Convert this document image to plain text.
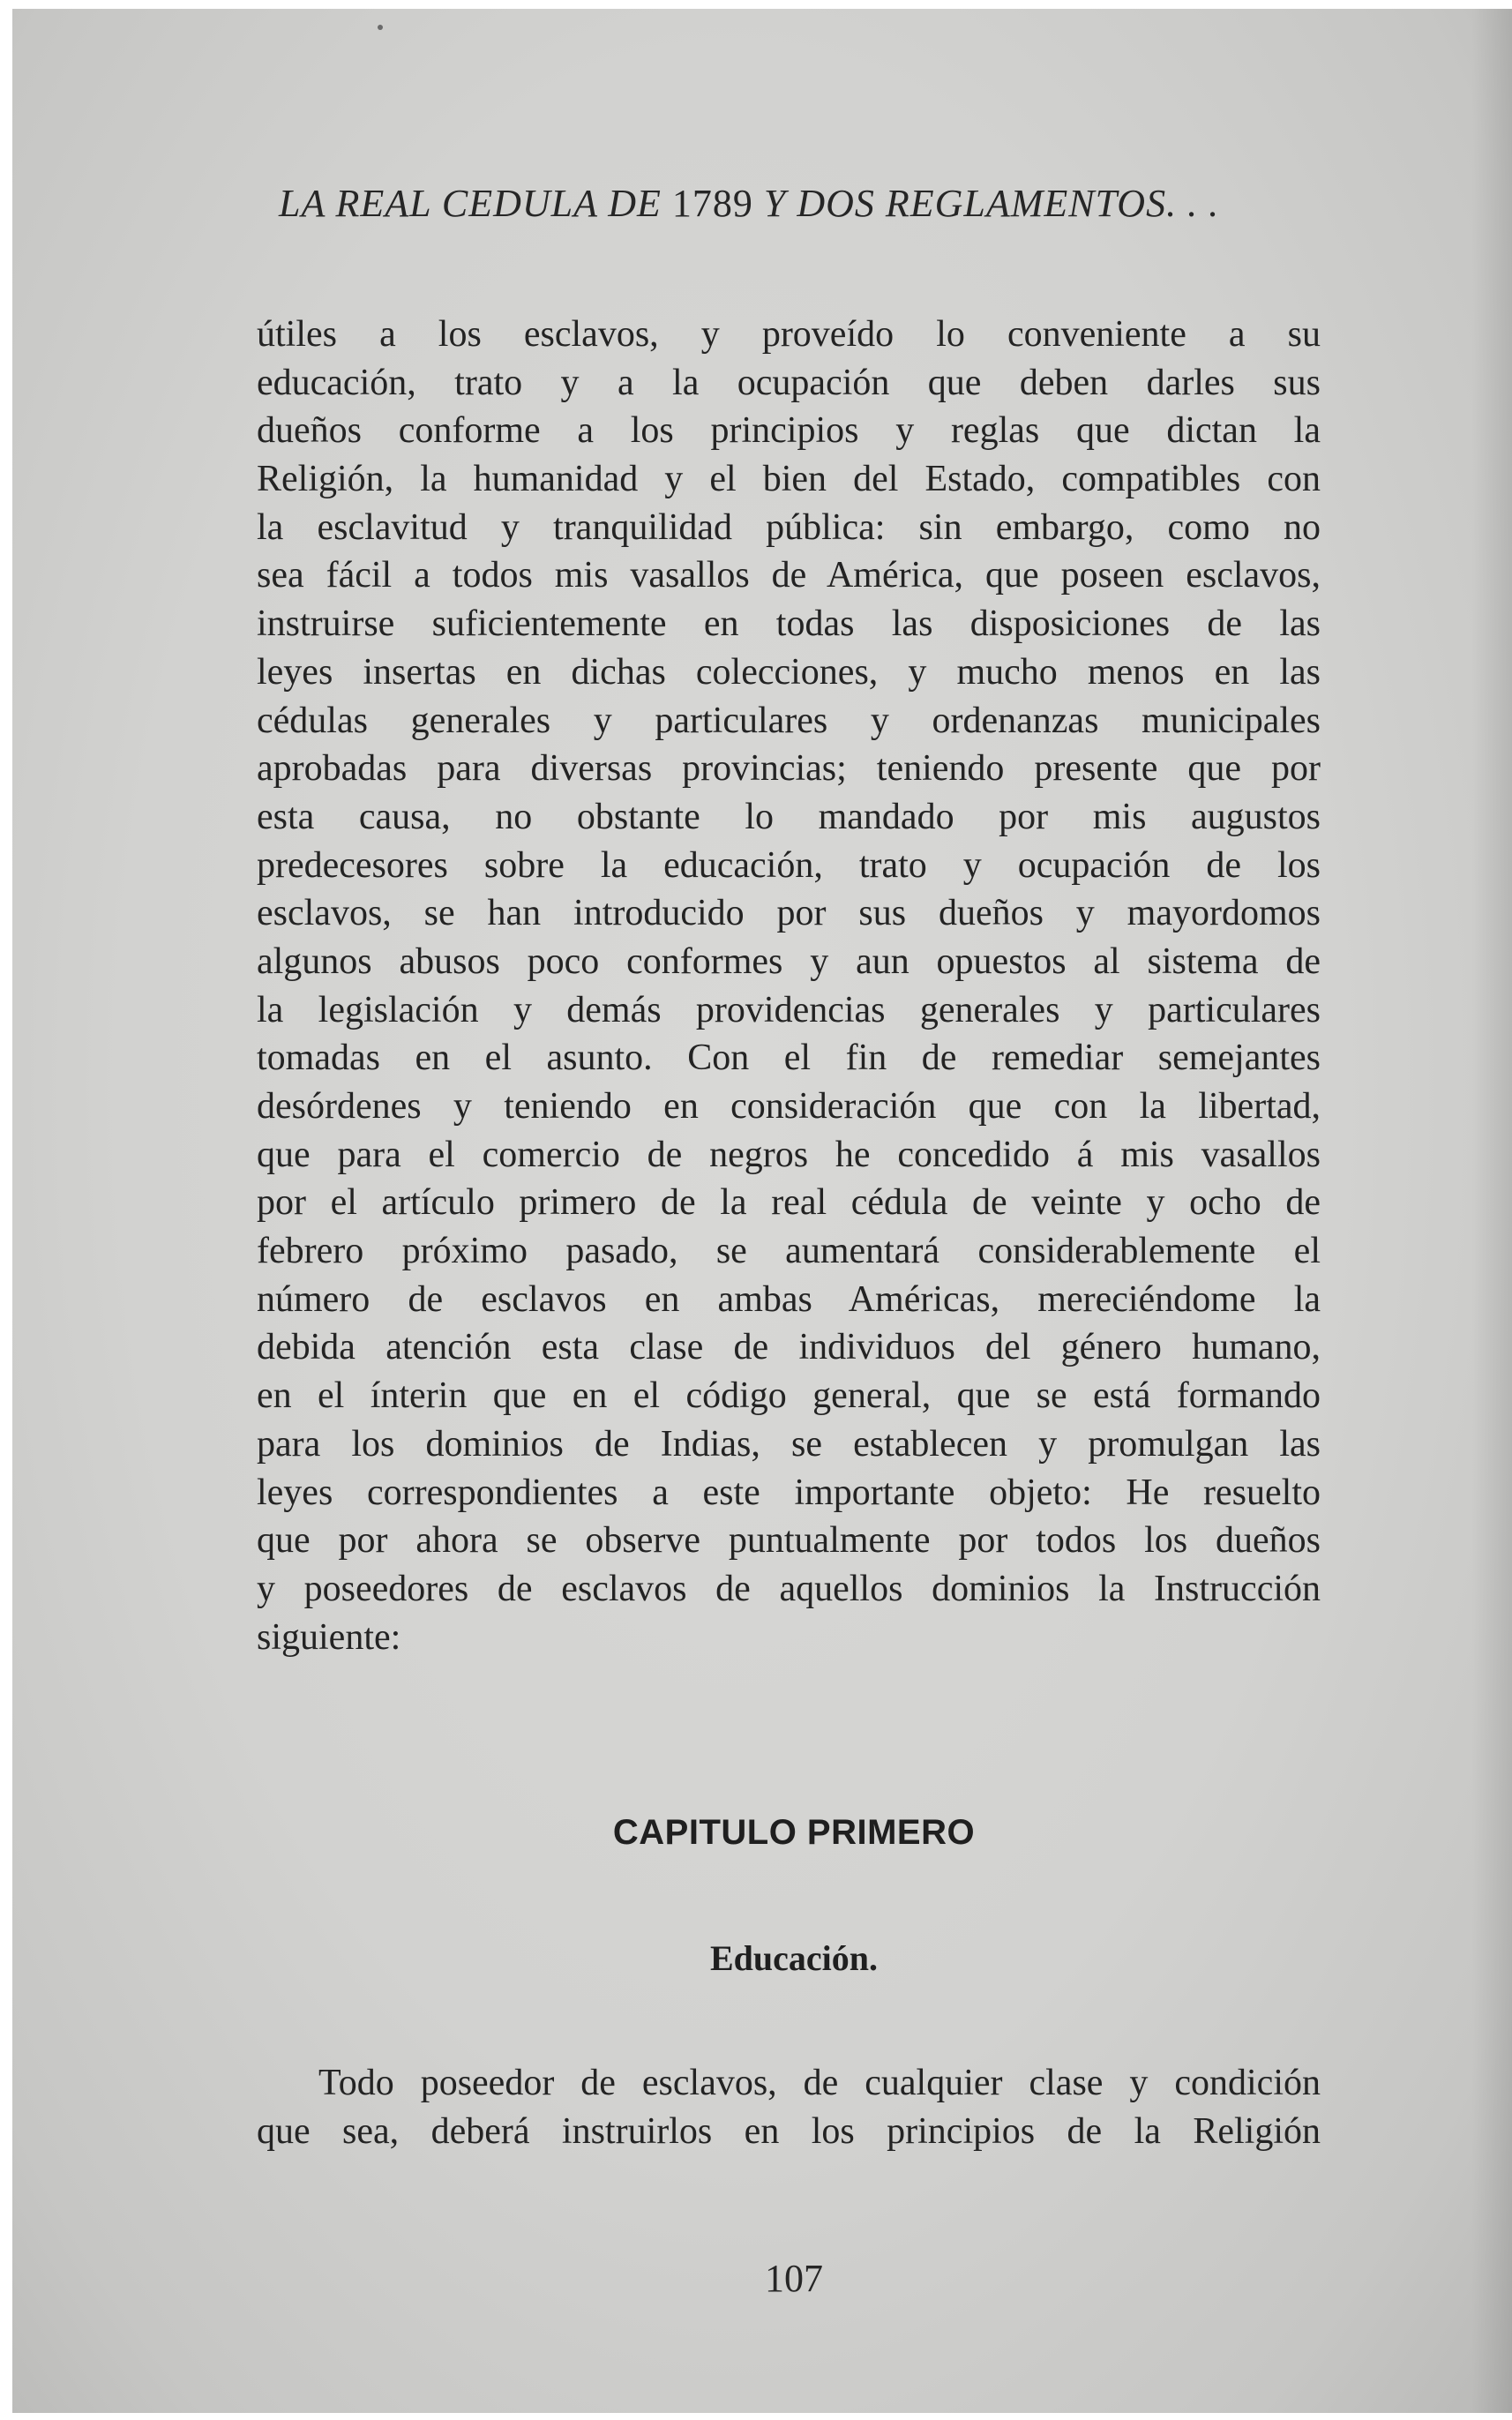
LA REAL CEDULA DE 1789 Y DOS REGLAMENTOS. . .
útiles a los esclavos, y proveído lo conveniente a su
educación, trato y a la ocupación que deben darles sus
dueños conforme a los principios y reglas que dictan la
Religión, la humanidad y el bien del Estado, compatibles con
la esclavitud y tranquilidad pública: sin embargo, como no
sea fácil a todos mis vasallos de América, que poseen esclavos,
instruirse suficientemente en todas las disposiciones de las
leyes insertas en dichas colecciones, y mucho menos en las
cédulas generales y particulares y ordenanzas municipales
aprobadas para diversas provincias; teniendo presente que por
esta causa, no obstante lo mandado por mis augustos
predecesores sobre la educación, trato y ocupación de los
esclavos, se han introducido por sus dueños y mayordomos
algunos abusos poco conformes y aun opuestos al sistema de
la legislación y demás providencias generales y particulares
tomadas en el asunto. Con el fin de remediar semejantes
desórdenes y teniendo en consideración que con la libertad,
que para el comercio de negros he concedido á mis vasallos
por el artículo primero de la real cédula de veinte y ocho de
febrero próximo pasado, se aumentará considerablemente el
número de esclavos en ambas Américas, mereciéndome la
debida atención esta clase de individuos del género humano,
en el ínterin que en el código general, que se está formando
para los dominios de Indias, se establecen y promulgan las
leyes correspondientes a este importante objeto: He resuelto
que por ahora se observe puntualmente por todos los dueños
y poseedores de esclavos de aquellos dominios la Instrucción
siguiente:
CAPITULO PRIMERO
Educación.
Todo poseedor de esclavos, de cualquier clase y condición
que sea, deberá instruirlos en los principios de la Religión
107
